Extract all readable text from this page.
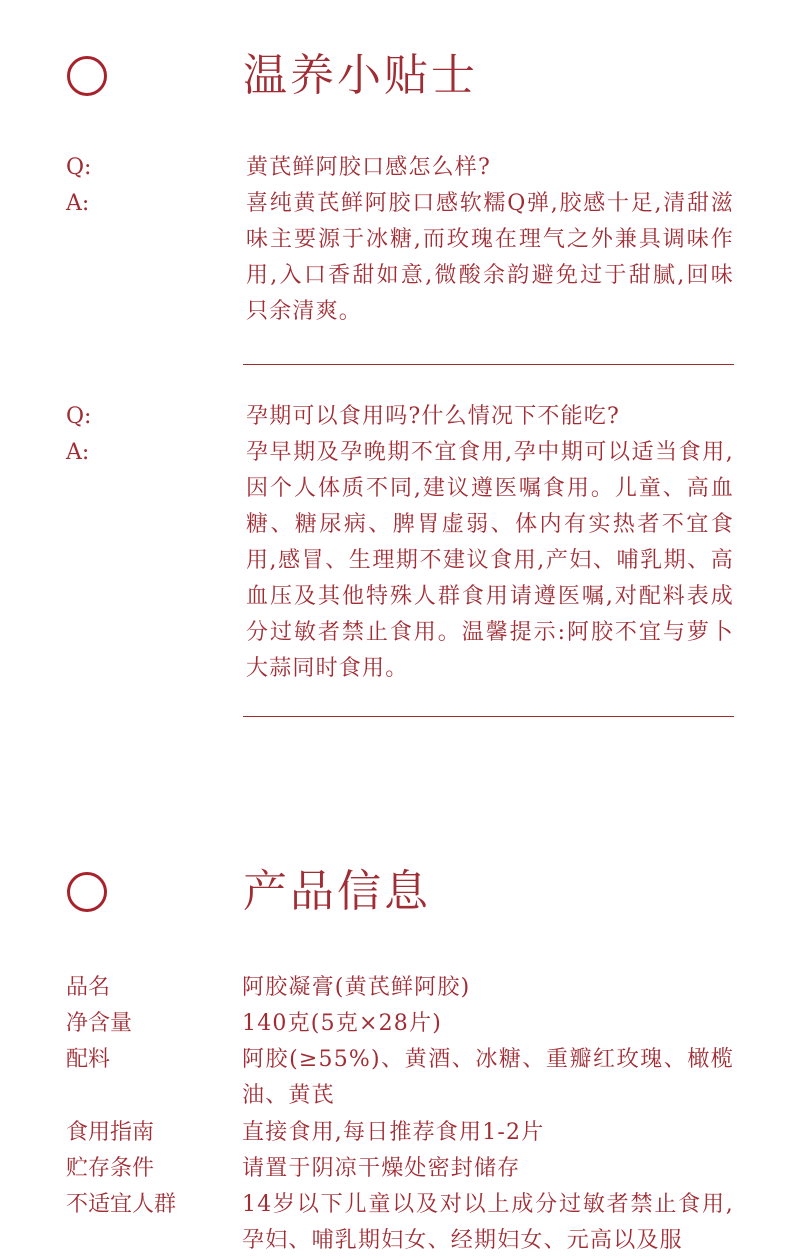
温养小贴士
Q:	黄芪鲜阿胶口感怎么样?
A:	喜纯黄芪鲜阿胶口感软糯Q弹,胶感十足,清甜滋味主要源于冰糖,而玫瑰在理气之外兼具调味作用,入口香甜如意,微酸余韵避免过于甜腻,回味只余清爽。
Q:	孕期可以食用吗?什么情况下不能吃?
A:	孕早期及孕晚期不宜食用,孕中期可以适当食用,因个人体质不同,建议遵医嘱食用。儿童、高血糖、糖尿病、脾胃虚弱、体内有实热者不宜食用,感冒、生理期不建议食用,产妇、哺乳期、高血压及其他特殊人群食用请遵医嘱,对配料表成分过敏者禁止食用。温馨提示:阿胶不宜与萝卜大蒜同时食用。
产品信息
品名	阿胶凝膏(黄芪鲜阿胶)
净含量	140克(5克×28片)
配料	阿胶(≥55%)、黄酒、冰糖、重瓣红玫瑰、橄榄油、黄芪
食用指南	直接食用,每日推荐食用1-2片
贮存条件	请置于阴凉干燥处密封储存
不适宜人群	14岁以下儿童以及对以上成分过敏者禁止食用,孕妇、哺乳期妇女、经期妇女、元高以及服
